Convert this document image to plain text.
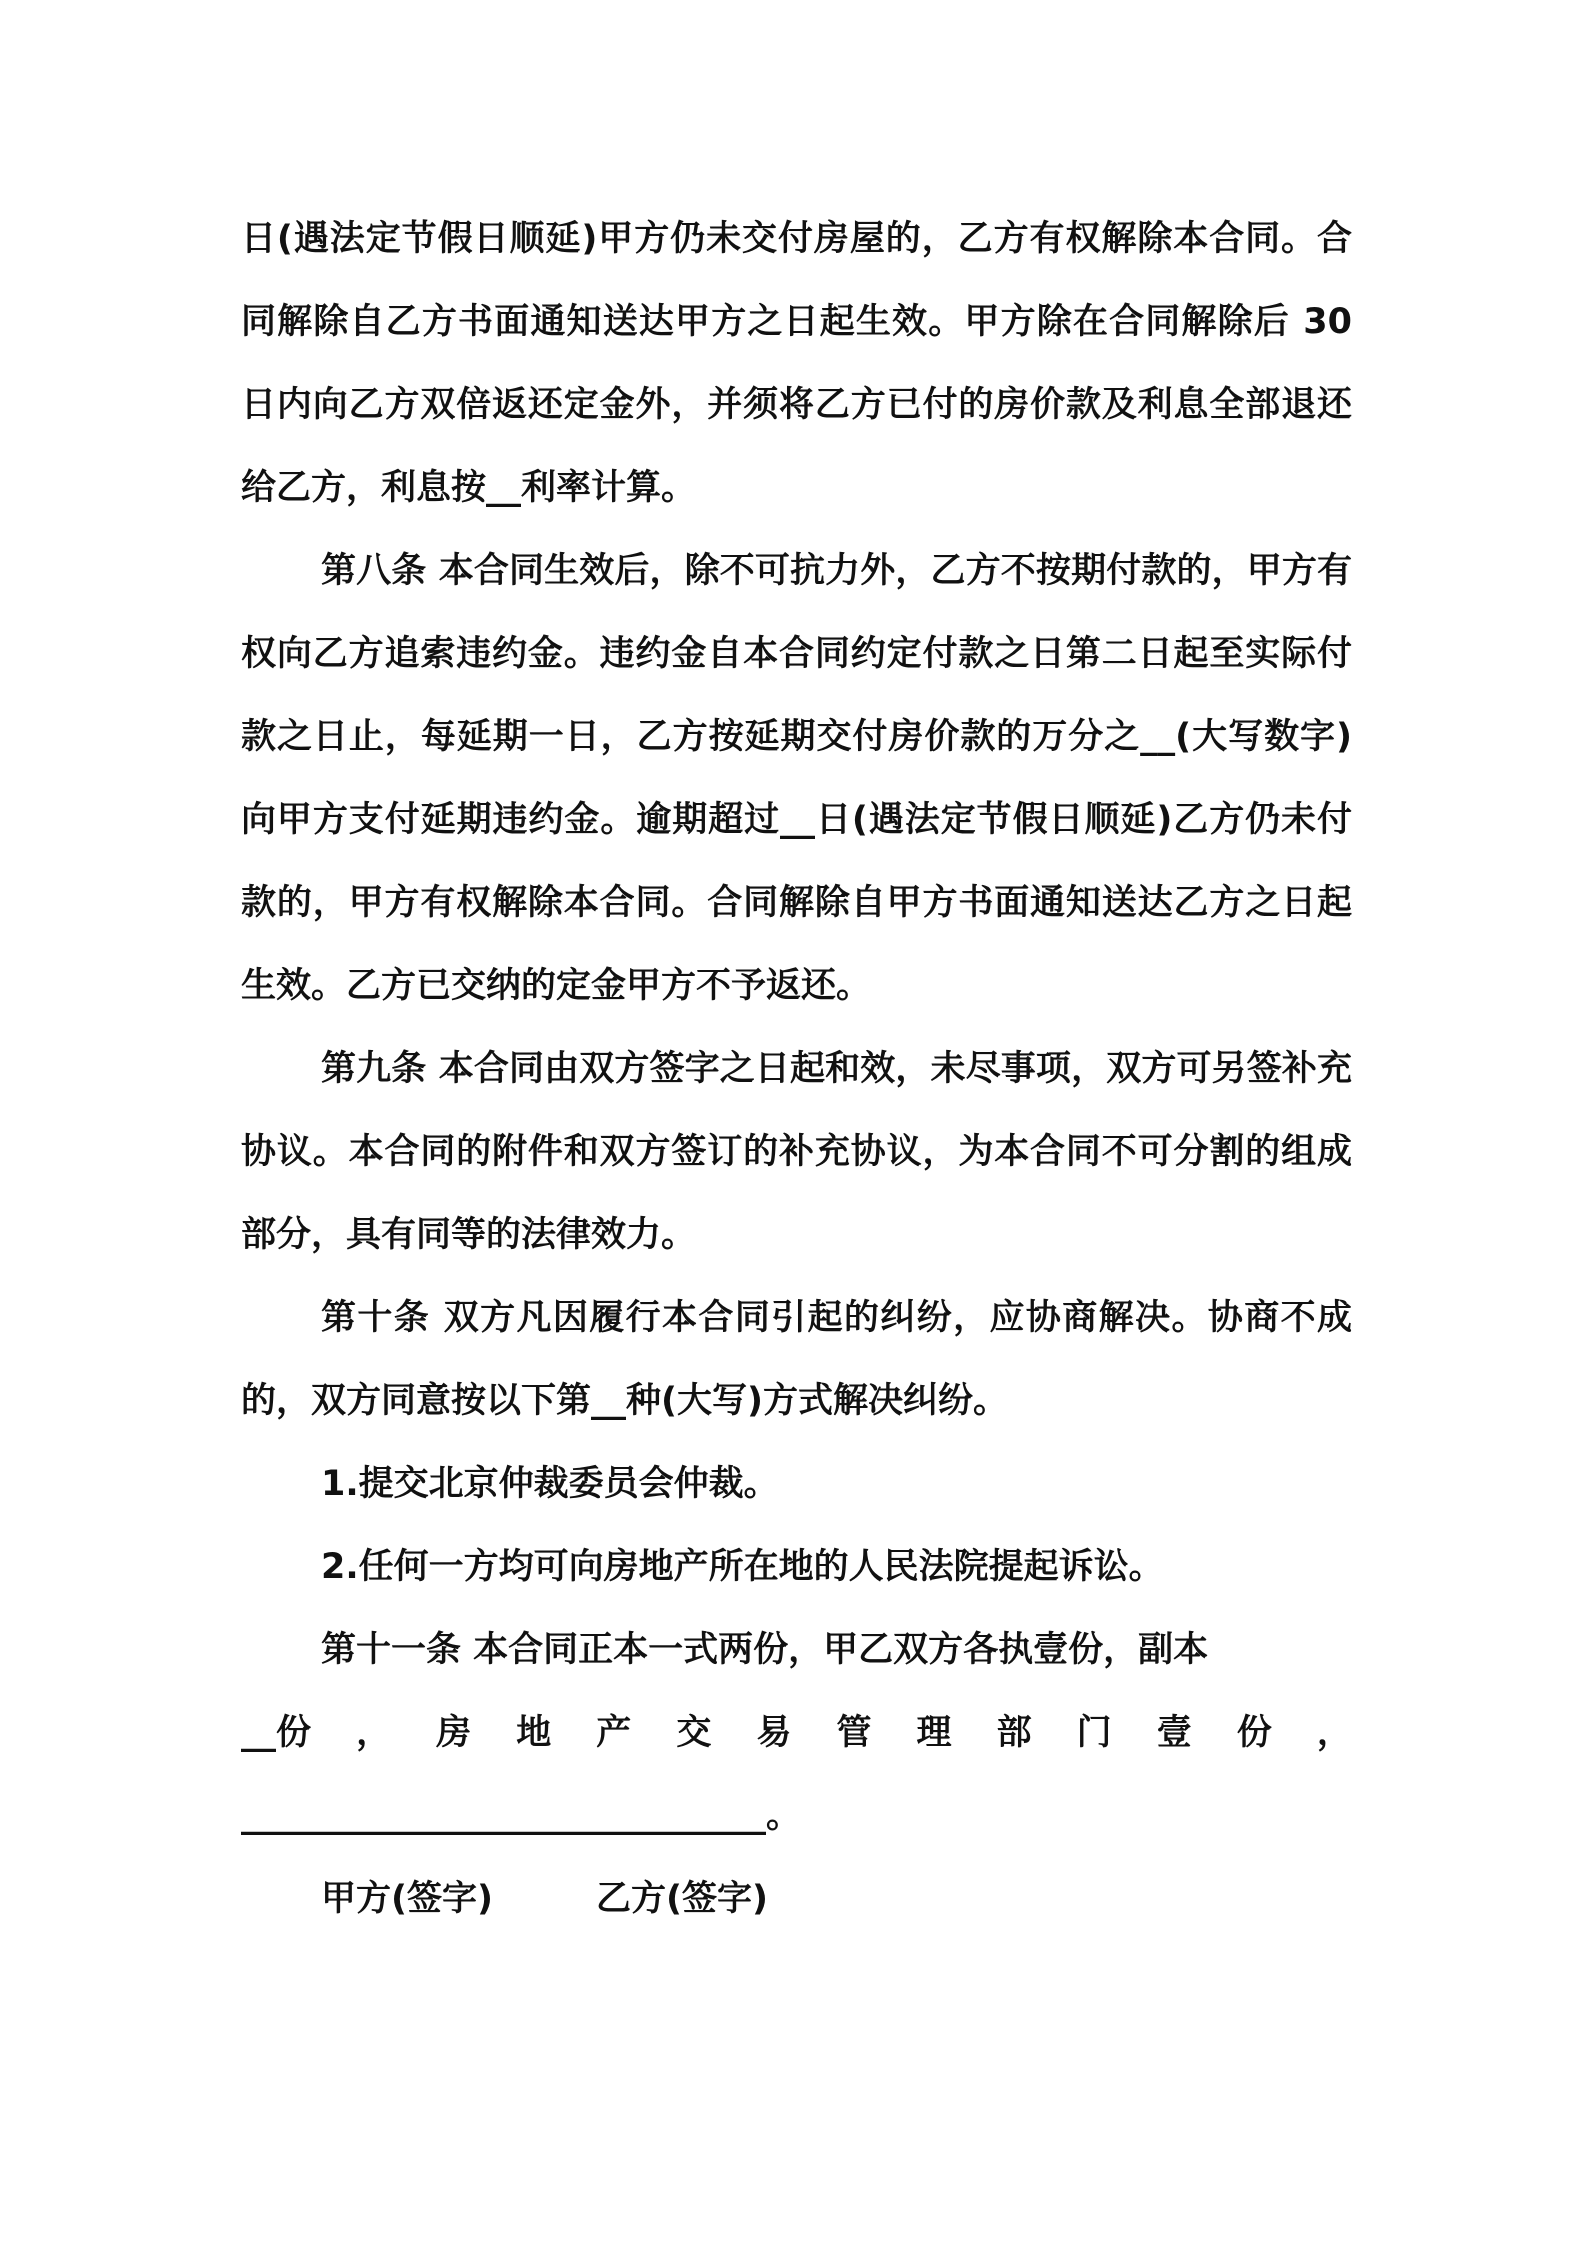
日(遇法定节假日顺延)甲方仍未交付房屋的，乙方有权解除本合同。合同解除自乙方书面通知送达甲方之日起生效。甲方除在合同解除后 30 日内向乙方双倍返还定金外，并须将乙方已付的房价款及利息全部退还给乙方，利息按__利率计算。

第八条 本合同生效后，除不可抗力外，乙方不按期付款的，甲方有权向乙方追索违约金。违约金自本合同约定付款之日第二日起至实际付款之日止，每延期一日，乙方按延期交付房价款的万分之__(大写数字)向甲方支付延期违约金。逾期超过__日(遇法定节假日顺延)乙方仍未付款的，甲方有权解除本合同。合同解除自甲方书面通知送达乙方之日起生效。乙方已交纳的定金甲方不予返还。

第九条 本合同由双方签字之日起和效，未尽事项，双方可另签补充协议。本合同的附件和双方签订的补充协议，为本合同不可分割的组成部分，具有同等的法律效力。

第十条 双方凡因履行本合同引起的纠纷，应协商解决。协商不成的，双方同意按以下第__种(大写)方式解决纠纷。

1.提交北京仲裁委员会仲裁。

2.任何一方均可向房地产所在地的人民法院提起诉讼。

第十一条 本合同正本一式两份，甲乙双方各执壹份，副本
__份 ， 房 地 产 交 易 管 理 部 门 壹 份 ，
______________________________。
甲方(签字)	乙方(签字)
